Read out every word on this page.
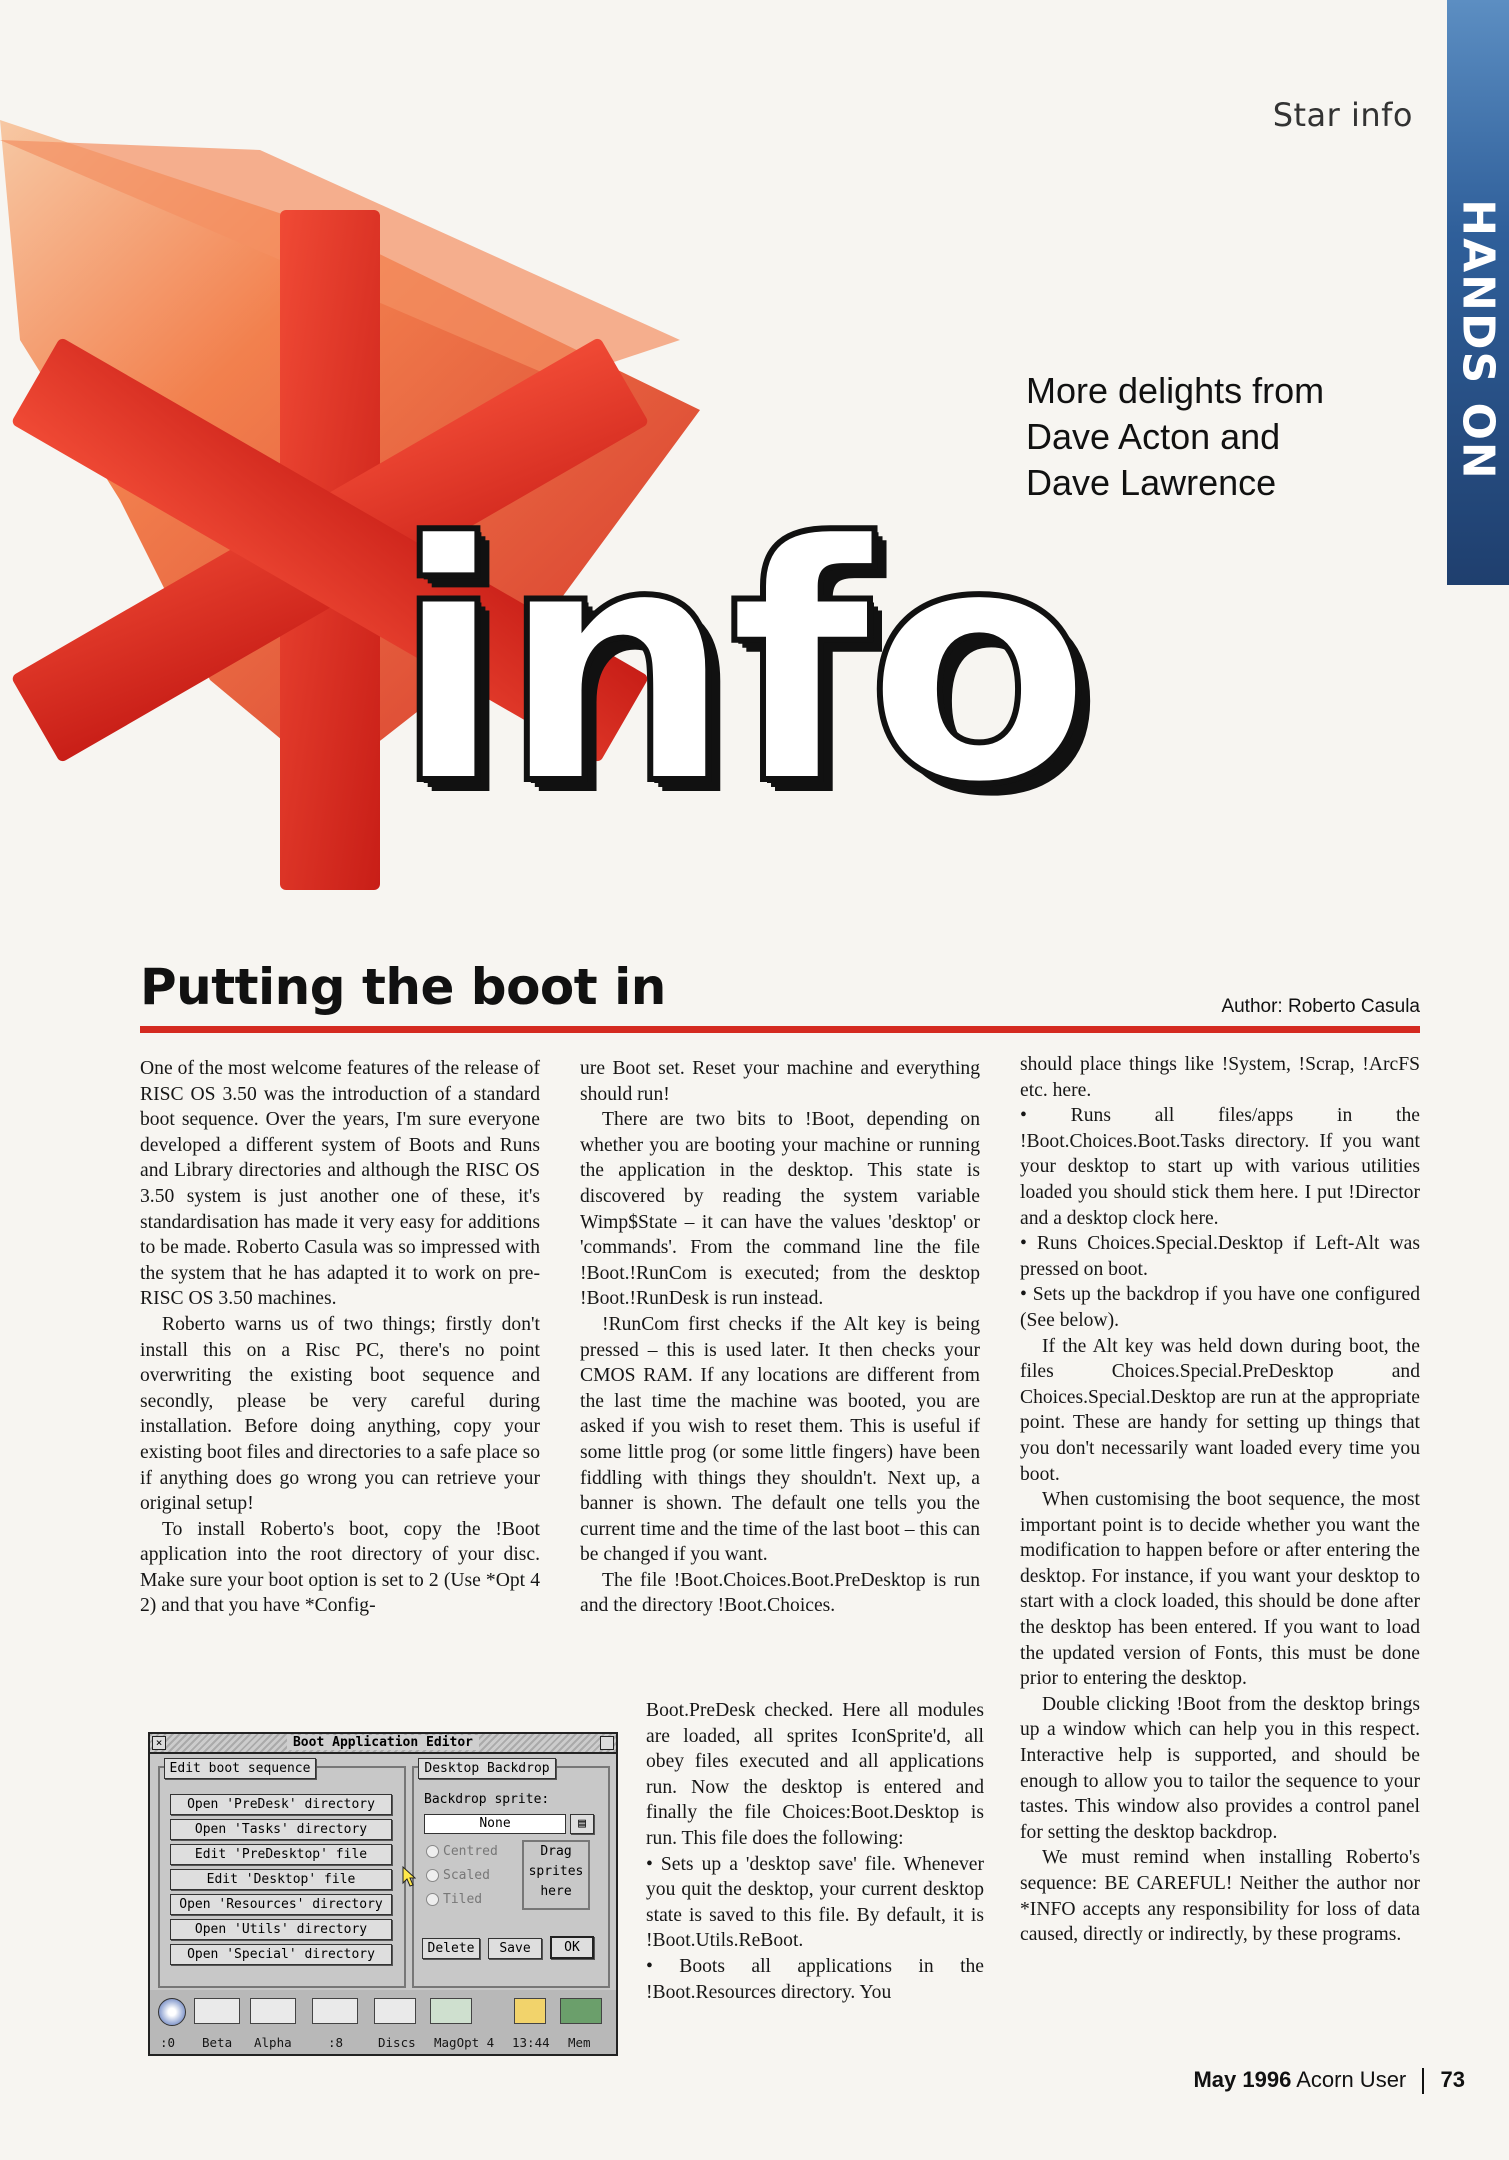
HANDS ON
Star info
info
More delights from
Dave Acton and
Dave Lawrence
Putting the boot in	Author: Roberto Casula

One of the most welcome features of the release of RISC OS 3.50 was the introduction of a standard boot sequence. Over the years, I'm sure everyone developed a different system of Boots and Runs and Library directories and although the RISC OS 3.50 system is just another one of these, it's standardisation has made it very easy for additions to be made. Roberto Casula was so impressed with the system that he has adapted it to work on pre-RISC OS 3.50 machines.

Roberto warns us of two things; firstly don't install this on a Risc PC, there's no point overwriting the existing boot sequence and secondly, please be very careful during installation. Before doing anything, copy your existing boot files and directories to a safe place so if anything does go wrong you can retrieve your original setup!

To install Roberto's boot, copy the !Boot application into the root directory of your disc. Make sure your boot option is set to 2 (Use *Opt 4 2) and that you have *Config-

ure Boot set. Reset your machine and everything should run!

There are two bits to !Boot, depending on whether you are booting your machine or running the application in the desktop. This state is discovered by reading the system variable Wimp$State – it can have the values 'desktop' or 'commands'. From the command line the file !Boot.!RunCom is executed; from the desktop !Boot.!RunDesk is run instead.

!RunCom first checks if the Alt key is being pressed – this is used later. It then checks your CMOS RAM. If any locations are different from the last time the machine was booted, you are asked if you wish to reset them. This is useful if some little prog (or some little fingers) have been fiddling with things they shouldn't. Next up, a banner is shown. The default one tells you the current time and the time of the last boot – this can be changed if you want.

The file !Boot.Choices.Boot.PreDesktop is run and the directory !Boot.Choices.

Boot.PreDesk checked. Here all modules are loaded, all sprites IconSprite'd, all obey files executed and all applications run. Now the desktop is entered and finally the file Choices:Boot.Desktop is run. This file does the following:

• Sets up a 'desktop save' file. Whenever you quit the desktop, your current desktop state is saved to this file. By default, it is !Boot.Utils.ReBoot.

• Boots all applications in the !Boot.Resources directory. You

should place things like !System, !Scrap, !ArcFS etc. here.

• Runs all files/apps in the !Boot.Choices.Boot.Tasks directory. If you want your desktop to start up with various utilities loaded you should stick them here. I put !Director and a desktop clock here.

• Runs Choices.Special.Desktop if Left-Alt was pressed on boot.

• Sets up the backdrop if you have one configured (See below).

If the Alt key was held down during boot, the files Choices.Special.PreDesktop and Choices.Special.Desktop are run at the appropriate point. These are handy for setting up things that you don't necessarily want loaded every time you boot.

When customising the boot sequence, the most important point is to decide whether you want the modification to happen before or after entering the desktop. For instance, if you want your desktop to start with a clock loaded, this should be done after the desktop has been entered. If you want to load the updated version of Fonts, this must be done prior to entering the desktop.

Double clicking !Boot from the desktop brings up a window which can help you in this respect. Interactive help is supported, and should be enough to allow you to tailor the sequence to your tastes. This window also provides a control panel for setting the desktop backdrop.

We must remind when installing Roberto's sequence: BE CAREFUL! Neither the author nor *INFO accepts any responsibility for loss of data caused, directly or indirectly, by these programs.

Boot Application Editor
×
Edit boot sequence
Open 'PreDesk' directory
Open 'Tasks' directory
Edit 'PreDesktop' file
Edit 'Desktop' file
Open 'Resources' directory
Open 'Utils' directory
Open 'Special' directory
Desktop Backdrop
Backdrop sprite:
None	▤
Centred
Scaled
Tiled
Drag
sprites
here
Delete	Save	OK
:0 Beta Alpha	:8	Discs MagOpt 4 13:44 Mem
May 1996 Acorn User 73
